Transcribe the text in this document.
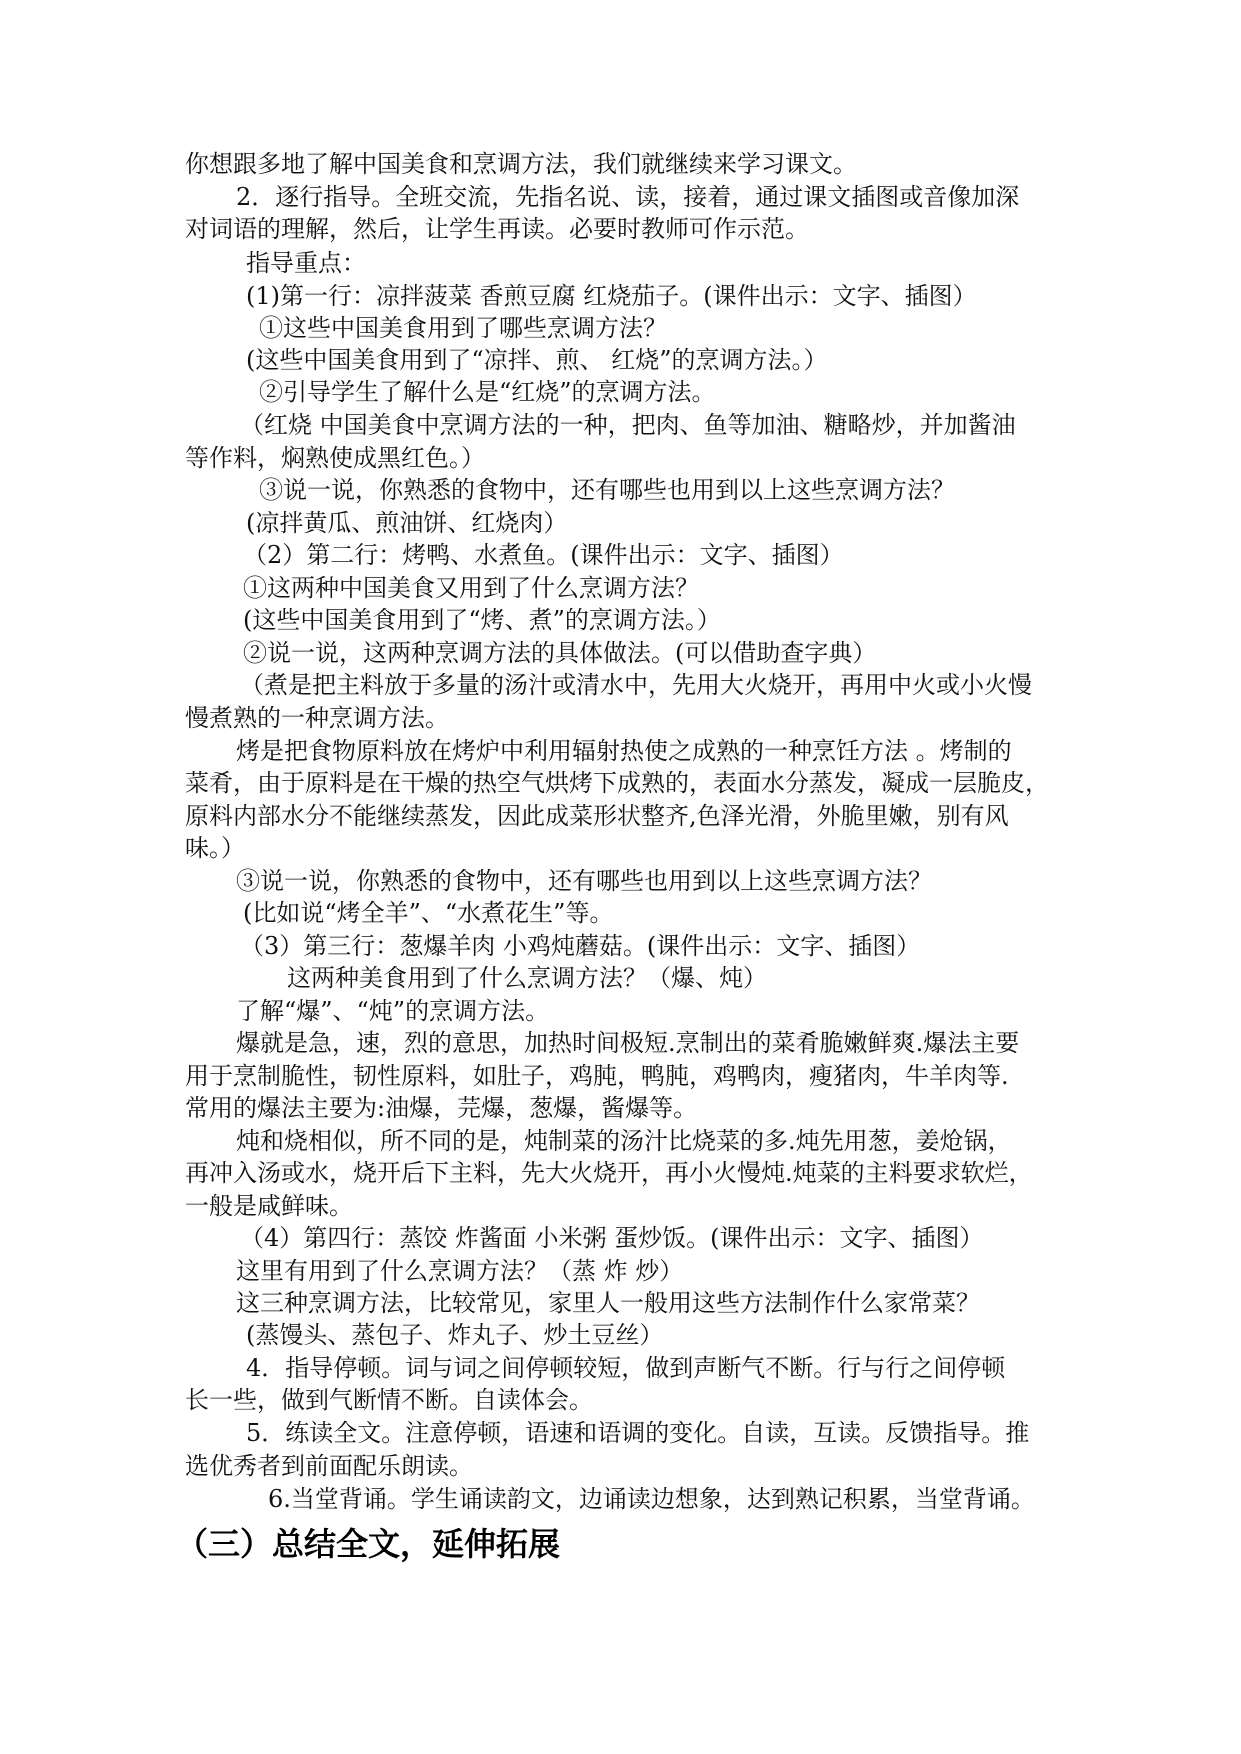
你想跟多地了解中国美食和烹调方法，我们就继续来学习课文。
2．逐行指导。全班交流，先指名说、读，接着，通过课文插图或音像加深
对词语的理解，然后，让学生再读。必要时教师可作示范。
指导重点：
(1)第一行：凉拌菠菜 香煎豆腐 红烧茄子。(课件出示：文字、插图）
①这些中国美食用到了哪些烹调方法？
(这些中国美食用到了“凉拌、煎、 红烧”的烹调方法。）
②引导学生了解什么是“红烧”的烹调方法。
（红烧 中国美食中烹调方法的一种，把肉、鱼等加油、糖略炒，并加酱油
等作料，焖熟使成黑红色。）
③说一说，你熟悉的食物中，还有哪些也用到以上这些烹调方法？
(凉拌黄瓜、煎油饼、红烧肉）
（2）第二行：烤鸭、水煮鱼。(课件出示：文字、插图）
①这两种中国美食又用到了什么烹调方法？
(这些中国美食用到了“烤、煮”的烹调方法。）
②说一说，这两种烹调方法的具体做法。(可以借助查字典）
（煮是把主料放于多量的汤汁或清水中，先用大火烧开，再用中火或小火慢
慢煮熟的一种烹调方法。
烤是把食物原料放在烤炉中利用辐射热使之成熟的一种烹饪方法 。烤制的
菜肴，由于原料是在干燥的热空气烘烤下成熟的，表面水分蒸发，凝成一层脆皮，
原料内部水分不能继续蒸发，因此成菜形状整齐,色泽光滑，外脆里嫩，别有风
味。）
③说一说，你熟悉的食物中，还有哪些也用到以上这些烹调方法？
(比如说“烤全羊”、“水煮花生”等。
（3）第三行：葱爆羊肉 小鸡炖蘑菇。(课件出示：文字、插图）
这两种美食用到了什么烹调方法？（爆、炖）
了解“爆”、“炖”的烹调方法。
爆就是急，速，烈的意思，加热时间极短.烹制出的菜肴脆嫩鲜爽.爆法主要
用于烹制脆性，韧性原料，如肚子，鸡肫，鸭肫，鸡鸭肉，瘦猪肉，牛羊肉等.
常用的爆法主要为:油爆，芫爆，葱爆，酱爆等。
炖和烧相似，所不同的是，炖制菜的汤汁比烧菜的多.炖先用葱，姜炝锅，
再冲入汤或水，烧开后下主料，先大火烧开，再小火慢炖.炖菜的主料要求软烂，
一般是咸鲜味。
（4）第四行：蒸饺 炸酱面 小米粥 蛋炒饭。(课件出示：文字、插图）
这里有用到了什么烹调方法？（蒸 炸 炒）
这三种烹调方法，比较常见，家里人一般用这些方法制作什么家常菜？
(蒸馒头、蒸包子、炸丸子、炒土豆丝）
4．指导停顿。词与词之间停顿较短，做到声断气不断。行与行之间停顿
长一些，做到气断情不断。自读体会。
5．练读全文。注意停顿，语速和语调的变化。自读，互读。反馈指导。推
选优秀者到前面配乐朗读。
6.当堂背诵。学生诵读韵文，边诵读边想象，达到熟记积累，当堂背诵。
（三）总结全文，延伸拓展
